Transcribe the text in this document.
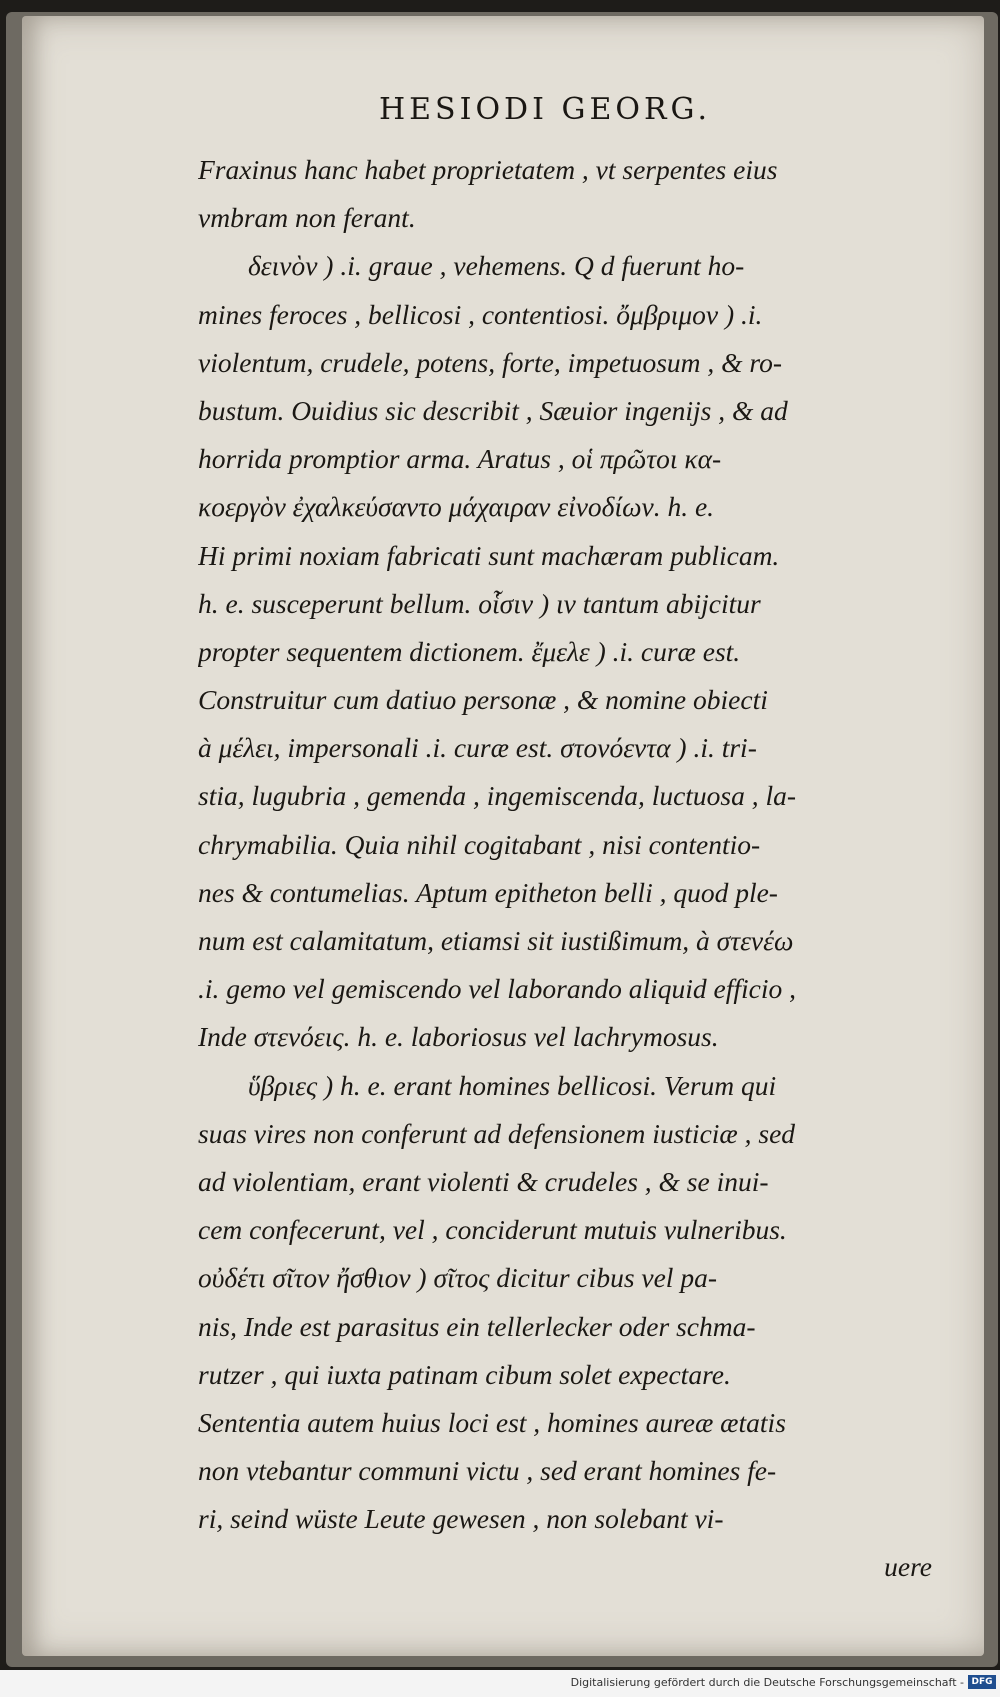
HESIODI GEORG.
Fraxinus hanc habet proprietatem , vt serpentes eius
vmbram non ferant.
δεινὸν ) .i. graue , vehemens. Q d fuerunt ho-
mines feroces , bellicosi , contentiosi. ὄμβριμον ) .i.
violentum, crudele, potens, forte, impetuosum , & ro-
bustum. Ouidius sic describit , Sæuior ingenijs , & ad
horrida promptior arma. Aratus , οἱ πρῶτοι κα-
κοεργὸν ἐχαλκεύσαντο μάχαιραν εἰνοδίων. h. e.
Hi primi noxiam fabricati sunt machæram publicam.
h. e. susceperunt bellum. οἷσιν ) ιν tantum abijcitur
propter sequentem dictionem. ἔμελε ) .i. curæ est.
Construitur cum datiuo personæ , & nomine obiecti
à μέλει, impersonali .i. curæ est. στονόεντα ) .i. tri-
stia, lugubria , gemenda , ingemiscenda, luctuosa , la-
chrymabilia. Quia nihil cogitabant , nisi contentio-
nes & contumelias. Aptum epitheton belli , quod ple-
num est calamitatum, etiamsi sit iustißimum, à στενέω
.i. gemo vel gemiscendo vel laborando aliquid efficio ,
Inde στενόεις. h. e. laboriosus vel lachrymosus.
ὕβριες ) h. e. erant homines bellicosi. Verum qui
suas vires non conferunt ad defensionem iusticiæ , sed
ad violentiam, erant violenti & crudeles , & se inui-
cem confecerunt, vel , conciderunt mutuis vulneribus.
οὐδέτι σῖτον ἤσθιον ) σῖτος dicitur cibus vel pa-
nis, Inde est parasitus ein tellerlecker oder schma-
rutzer , qui iuxta patinam cibum solet expectare.
Sententia autem huius loci est , homines aureæ ætatis
non vtebantur communi victu , sed erant homines fe-
ri, seind wüste Leute gewesen , non solebant vi-
uere
Digitalisierung gefördert durch die Deutsche Forschungsgemeinschaft - DFG
